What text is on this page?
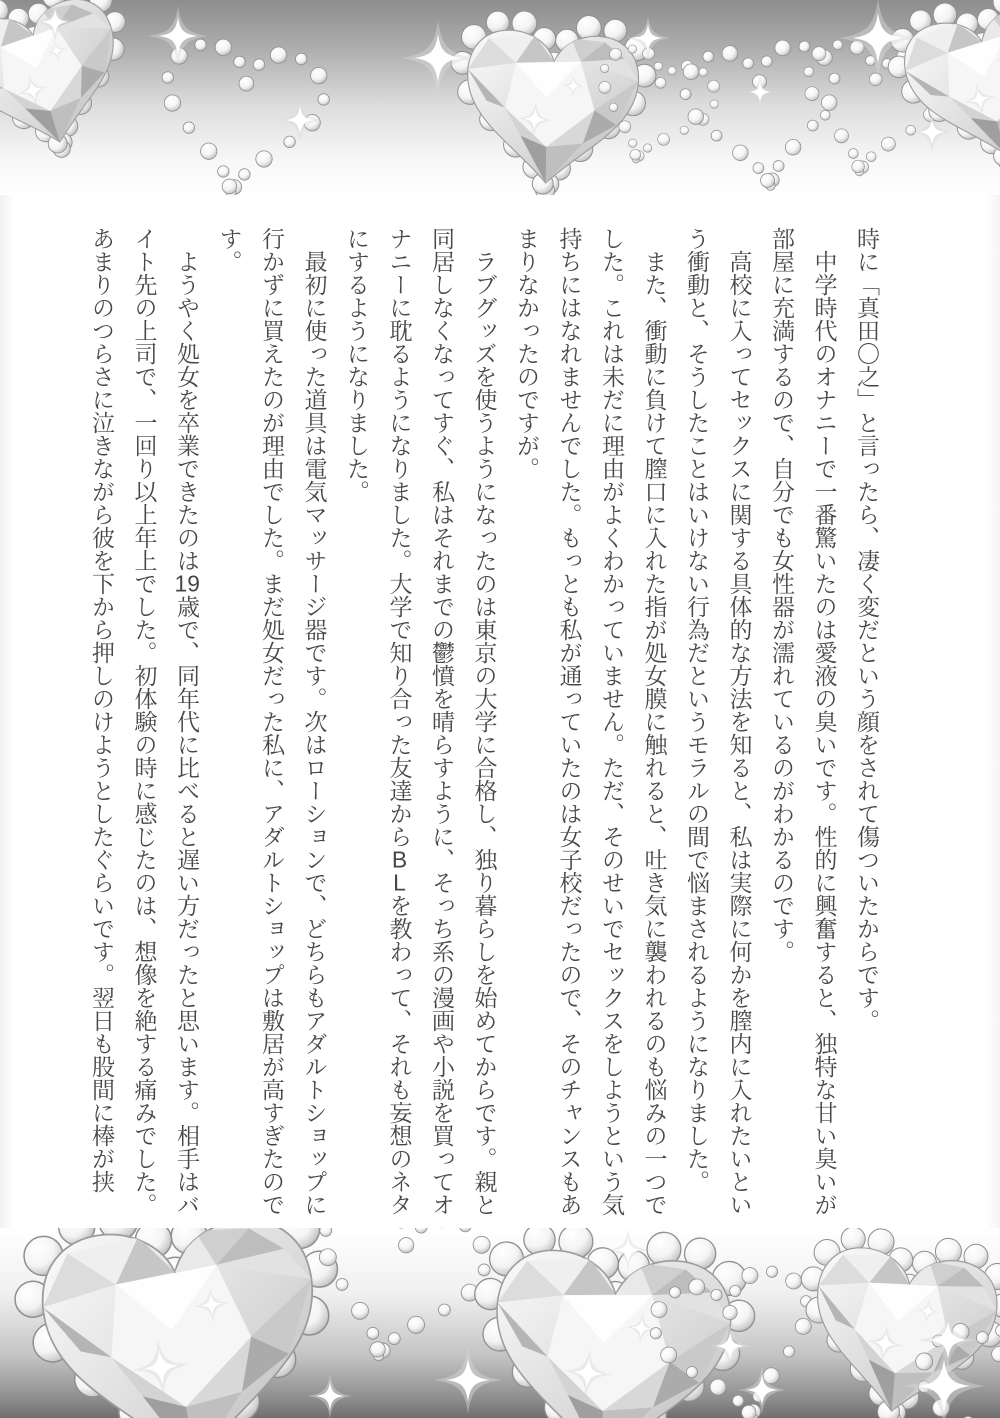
時に「真田〇之」と言ったら、凄く変だという顔をされて傷ついたからです。

中学時代のオナニーで一番驚いたのは愛液の臭いです。性的に興奮すると、独特な甘い臭いが部屋に充満するので、自分でも女性器が濡れているのがわかるのです。

高校に入ってセックスに関する具体的な方法を知ると、私は実際に何かを膣内に入れたいという衝動と、そうしたことはいけない行為だというモラルの間で悩まされるようになりました。

また、衝動に負けて膣口に入れた指が処女膜に触れると、吐き気に襲われるのも悩みの一つでした。これは未だに理由がよくわかっていません。ただ、そのせいでセックスをしようという気持ちにはなれませんでした。もっとも私が通っていたのは女子校だったので、そのチャンスもあまりなかったのですが。

ラブグッズを使うようになったのは東京の大学に合格し、独り暮らしを始めてからです。親と同居しなくなってすぐ、私はそれまでの鬱憤を晴らすように、そっち系の漫画や小説を買ってオナニーに耽るようになりました。大学で知り合った友達からBLを教わって、それも妄想のネタにするようになりました。

最初に使った道具は電気マッサージ器です。次はローションで、どちらもアダルトショップに行かずに買えたのが理由でした。まだ処女だった私に、アダルトショップは敷居が高すぎたのです。

ようやく処女を卒業できたのは19歳で、同年代に比べると遅い方だったと思います。相手はバイト先の上司で、一回り以上年上でした。初体験の時に感じたのは、想像を絶する痛みでした。あまりのつらさに泣きながら彼を下から押しのけようとしたぐらいです。翌日も股間に棒が挟
